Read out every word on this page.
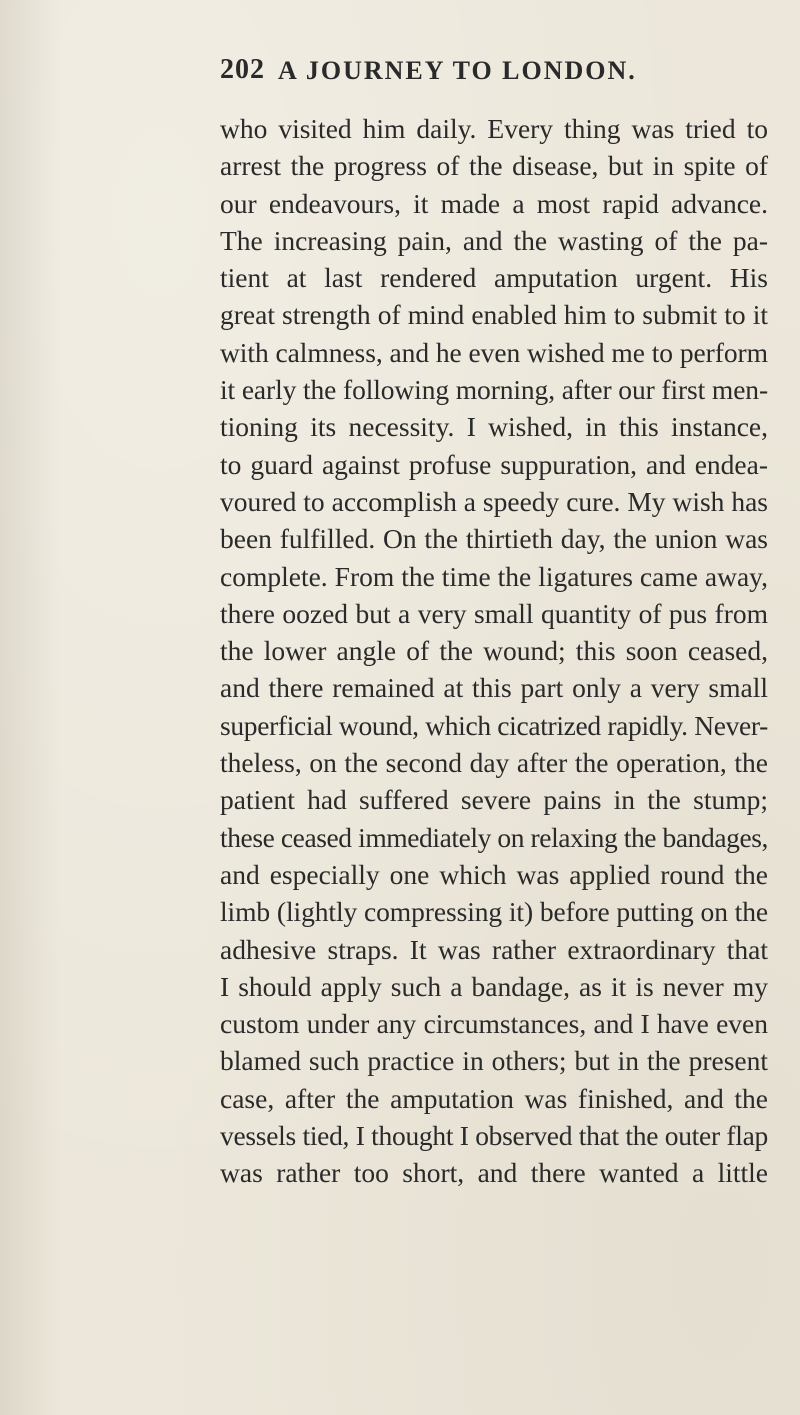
202 A JOURNEY TO LONDON.
who visited him daily. Every thing was tried to
arrest the progress of the disease, but in spite of
our endeavours, it made a most rapid advance.
The increasing pain, and the wasting of the pa-
tient at last rendered amputation urgent. His
great strength of mind enabled him to submit to it
with calmness, and he even wished me to perform
it early the following morning, after our first men-
tioning its necessity. I wished, in this instance,
to guard against profuse suppuration, and endea-
voured to accomplish a speedy cure. My wish has
been fulfilled. On the thirtieth day, the union was
complete. From the time the ligatures came away,
there oozed but a very small quantity of pus from
the lower angle of the wound; this soon ceased,
and there remained at this part only a very small
superficial wound, which cicatrized rapidly. Never-
theless, on the second day after the operation, the
patient had suffered severe pains in the stump;
these ceased immediately on relaxing the bandages,
and especially one which was applied round the
limb (lightly compressing it) before putting on the
adhesive straps. It was rather extraordinary that
I should apply such a bandage, as it is never my
custom under any circumstances, and I have even
blamed such practice in others; but in the present
case, after the amputation was finished, and the
vessels tied, I thought I observed that the outer flap
was rather too short, and there wanted a little
